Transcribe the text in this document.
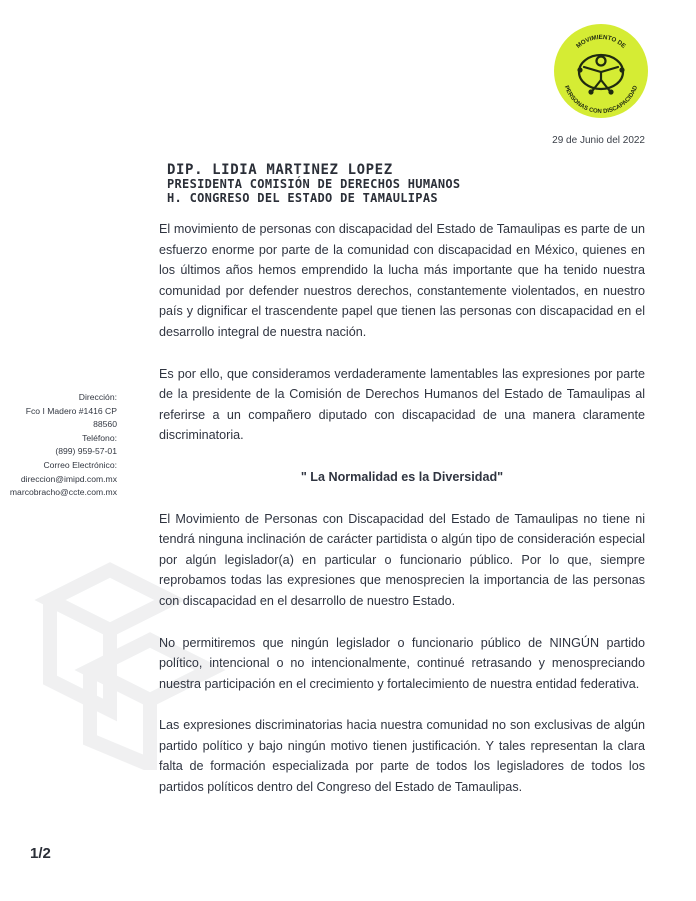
MOVIMIENTO DE
PERSONAS CON DISCAPACIDAD
29 de Junio del 2022
DIP. LIDIA MARTINEZ LOPEZ
PRESIDENTA COMISIÓN DE DERECHOS HUMANOS
H. CONGRESO DEL ESTADO DE TAMAULIPAS
Dirección:
Fco I Madero #1416 CP
88560
Teléfono:
(899) 959-57-01
Correo Electrónico:
direccion@imipd.com.mx
marcobracho@ccte.com.mx

El movimiento de personas con discapacidad del Estado de Tamaulipas es parte de un esfuerzo enorme por parte de la comunidad con discapacidad en México, quienes en los últimos años hemos emprendido la lucha más importante que ha tenido nuestra comunidad por defender nuestros derechos, constantemente violentados, en nuestro país y dignificar el trascendente papel que tienen las personas con discapacidad en el desarrollo integral de nuestra nación.

Es por ello, que consideramos verdaderamente lamentables las expresiones por parte de la presidente de la Comisión de Derechos Humanos del Estado de Tamaulipas al referirse a un compañero diputado con discapacidad de una manera claramente discriminatoria.

" La Normalidad es la Diversidad"

El Movimiento de Personas con Discapacidad del Estado de Tamaulipas no tiene ni tendrá ninguna inclinación de carácter partidista o algún tipo de consideración especial por algún legislador(a) en particular o funcionario público. Por lo que, siempre reprobamos todas las expresiones que menosprecien la importancia de las personas con discapacidad en el desarrollo de nuestro Estado.

No permitiremos que ningún legislador o funcionario público de NINGÚN partido político, intencional o no intencionalmente, continué retrasando y menospreciando nuestra participación en el crecimiento y fortalecimiento de nuestra entidad federativa.

Las expresiones discriminatorias hacia nuestra comunidad no son exclusivas de algún partido político y bajo ningún motivo tienen justificación. Y tales representan la clara falta de formación especializada por parte de todos los legisladores de todos los partidos políticos dentro del Congreso del Estado de Tamaulipas.

1/2
